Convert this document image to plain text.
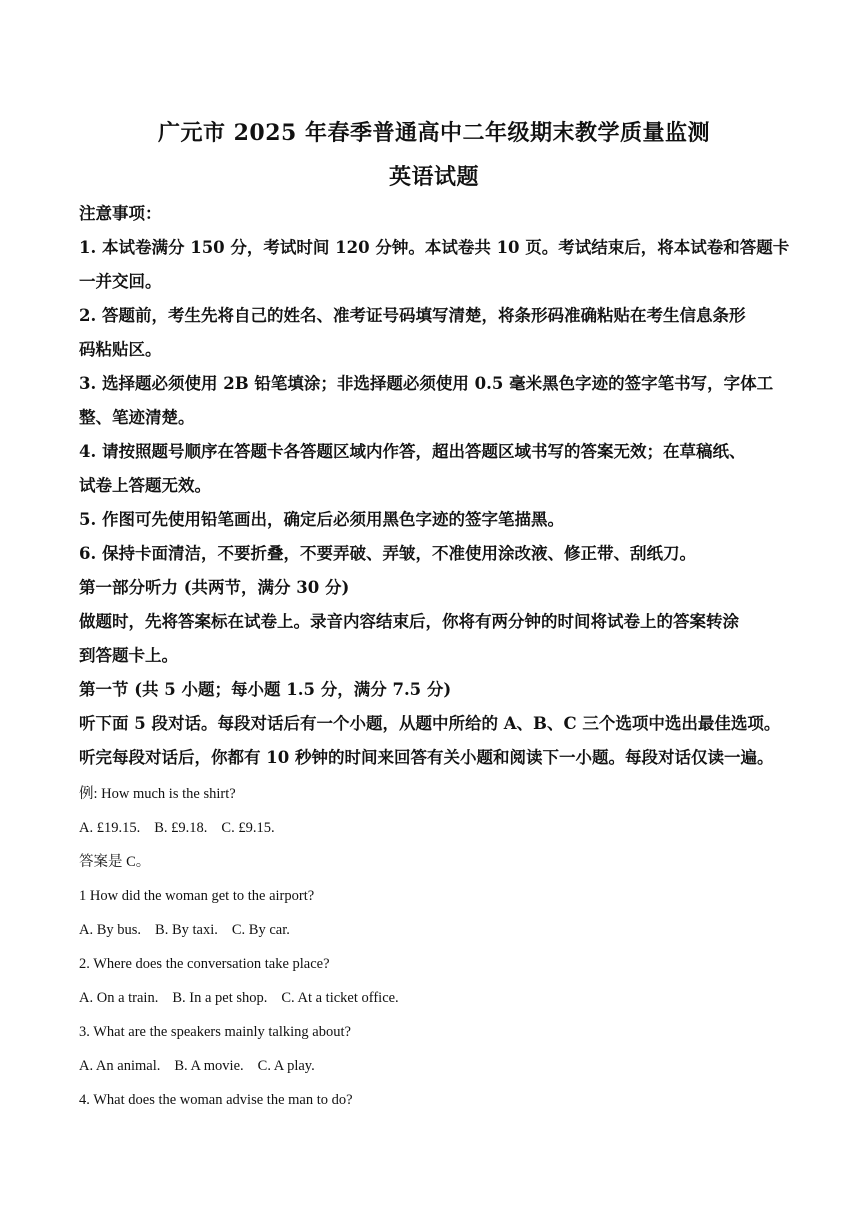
广元市 2025 年春季普通高中二年级期末教学质量监测
英语试题
注意事项：
1. 本试卷满分 150 分，考试时间 120 分钟。本试卷共 10 页。考试结束后，将本试卷和答题卡
一并交回。
2. 答题前，考生先将自己的姓名、准考证号码填写清楚，将条形码准确粘贴在考生信息条形
码粘贴区。
3. 选择题必须使用 2B 铅笔填涂；非选择题必须使用 0.5 毫米黑色字迹的签字笔书写，字体工
整、笔迹清楚。
4. 请按照题号顺序在答题卡各答题区域内作答，超出答题区域书写的答案无效；在草稿纸、
试卷上答题无效。
5. 作图可先使用铅笔画出，确定后必须用黑色字迹的签字笔描黑。
6. 保持卡面清洁，不要折叠，不要弄破、弄皱，不准使用涂改液、修正带、刮纸刀。
第一部分听力 (共两节，满分 30 分)
做题时，先将答案标在试卷上。录音内容结束后，你将有两分钟的时间将试卷上的答案转涂
到答题卡上。
第一节 (共 5 小题；每小题 1.5 分，满分 7.5 分)
听下面 5 段对话。每段对话后有一个小题，从题中所给的 A、B、C 三个选项中选出最佳选项。
听完每段对话后，你都有 10 秒钟的时间来回答有关小题和阅读下一小题。每段对话仅读一遍。
例: How much is the shirt?
A. £19.15. B. £9.18. C. £9.15.
答案是 C。
1 How did the woman get to the airport?
A. By bus. B. By taxi. C. By car.
2. Where does the conversation take place?
A. On a train. B. In a pet shop. C. At a ticket office.
3. What are the speakers mainly talking about?
A. An animal. B. A movie. C. A play.
4. What does the woman advise the man to do?
